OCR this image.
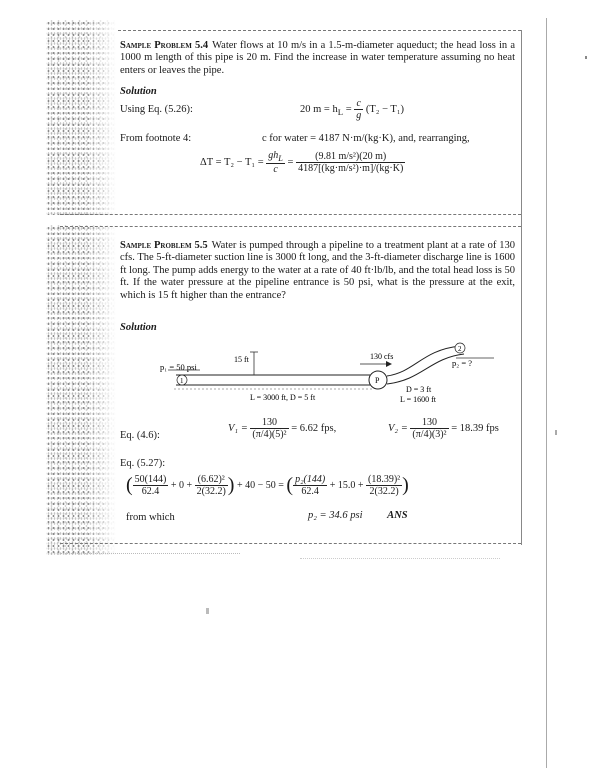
Sample Problem 5.4 Water flows at 10 m/s in a 1.5-m-diameter aqueduct; the head loss in a 1000 m length of this pipe is 20 m. Find the increase in water temperature assuming no heat enters or leaves the pipe.
Solution
Using Eq. (5.26):	20 $m = h_L = \frac{c}{g} (T_2 - T_1)$
From footnote 4:	c for water = 4187 N·m/(kg·K), and, rearranging,
$\Delta T = T_2 - T_1 = \frac{gh_L}{c} = \frac{\text{(9.81 m/s²)(20 m)}}{\text{4187[(kg·m/s²)·m]/(kg·K)}}$
Sample Problem 5.5 Water is pumped through a pipeline to a treatment plant at a rate of 130 cfs. The 5-ft-diameter suction line is 3000 ft long, and the 3-ft-diameter discharge line is 1600 ft long. The pump adds energy to the water at a rate of 40 ft·lb/lb, and the total head loss is 50 ft. If the water pressure at the pipeline entrance is 50 psi, what is the pressure at the exit, which is 15 ft higher than the entrance?
Solution
p₁ = 50 psi
1
15 ft	130 cfs
P
p₂ = ?
2
L = 3000 ft, D = 5 ft
D = 3 ft
L = 1600 ft
Eq. (4.6):
$V_1 = \frac{130}{\text{(π/4)(5)²}} = 6.62$ fps,	$V_2 = \frac{130}{\text{(π/4)(3)²}} = 18.39$ fps
Eq. (5.27):
( $\frac{50(144)}{62.4} + 0 + \frac{\text{(6.62)²}}{2(32.2)}$ ) + 40 − 50 = ( $\frac{\text{p₂(144)}}{62.4} + 15.0 + \frac{\text{(18.39)²}}{2(32.2)}$ )
from which	p₂ = 34.6 psi ANS
